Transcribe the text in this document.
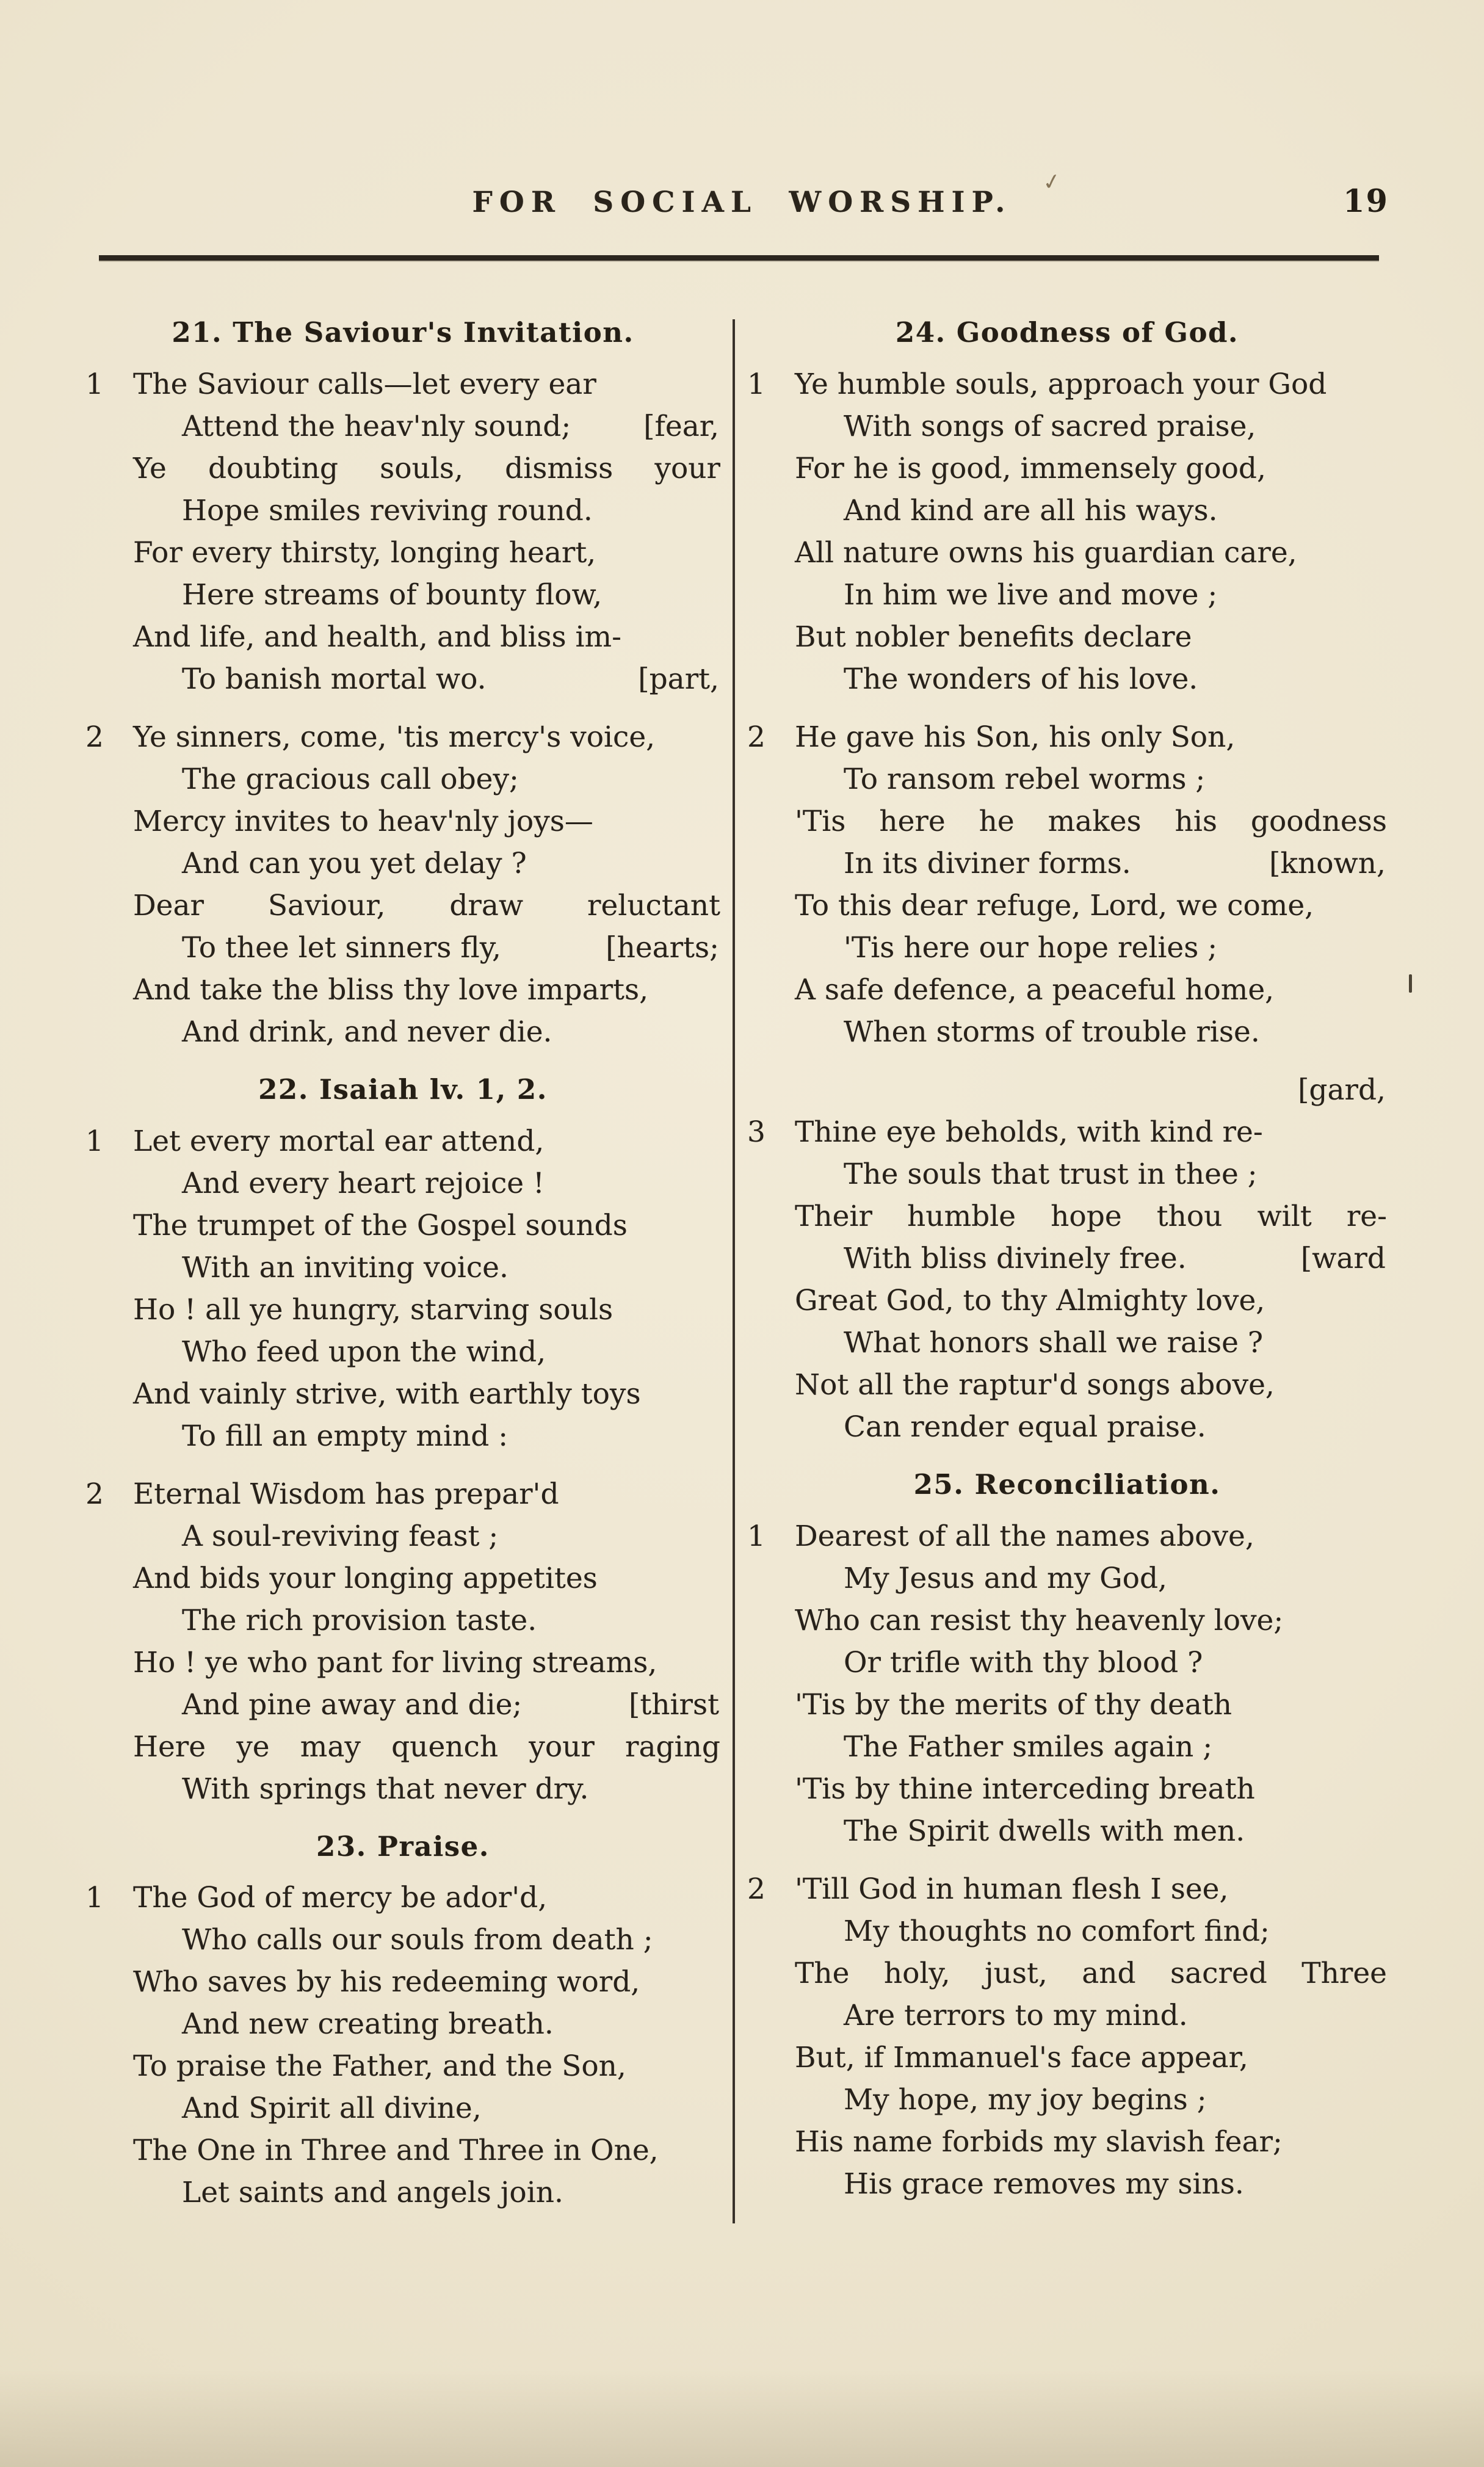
FOR SOCIAL WORSHIP.	19
✓
21. The Saviour's Invitation.
1	The Saviour calls—let every ear
Attend the heav'nly sound;	[fear,
Ye doubting souls, dismiss your
Hope smiles reviving round.
For every thirsty, longing heart,
Here streams of bounty flow,
And life, and health, and bliss im-
To banish mortal wo.	[part,
2	Ye sinners, come, 'tis mercy's voice,
The gracious call obey;
Mercy invites to heav'nly joys—
And can you yet delay ?
Dear Saviour, draw reluctant
To thee let sinners fly,	[hearts;
And take the bliss thy love imparts,
And drink, and never die.
22. Isaiah lv. 1, 2.
1	Let every mortal ear attend,
And every heart rejoice !
The trumpet of the Gospel sounds
With an inviting voice.
Ho ! all ye hungry, starving souls
Who feed upon the wind,
And vainly strive, with earthly toys
To fill an empty mind :
2	Eternal Wisdom has prepar'd
A soul-reviving feast ;
And bids your longing appetites
The rich provision taste.
Ho ! ye who pant for living streams,
And pine away and die;	[thirst
Here ye may quench your raging
With springs that never dry.
23. Praise.
1	The God of mercy be ador'd,
Who calls our souls from death ;
Who saves by his redeeming word,
And new creating breath.
To praise the Father, and the Son,
And Spirit all divine,
The One in Three and Three in One,
Let saints and angels join.
24. Goodness of God.
1	Ye humble souls, approach your God
With songs of sacred praise,
For he is good, immensely good,
And kind are all his ways.
All nature owns his guardian care,
In him we live and move ;
But nobler benefits declare
The wonders of his love.
2	He gave his Son, his only Son,
To ransom rebel worms ;
'Tis here he makes his goodness
In its diviner forms.	[known,
To this dear refuge, Lord, we come,
'Tis here our hope relies ;
A safe defence, a peaceful home,
When storms of trouble rise.
[gard,
3	Thine eye beholds, with kind re-
The souls that trust in thee ;
Their humble hope thou wilt re-
With bliss divinely free.	[ward
Great God, to thy Almighty love,
What honors shall we raise ?
Not all the raptur'd songs above,
Can render equal praise.
25. Reconciliation.
1	Dearest of all the names above,
My Jesus and my God,
Who can resist thy heavenly love;
Or trifle with thy blood ?
'Tis by the merits of thy death
The Father smiles again ;
'Tis by thine interceding breath
The Spirit dwells with men.
2	'Till God in human flesh I see,
My thoughts no comfort find;
The holy, just, and sacred Three
Are terrors to my mind.
But, if Immanuel's face appear,
My hope, my joy begins ;
His name forbids my slavish fear;
His grace removes my sins.
